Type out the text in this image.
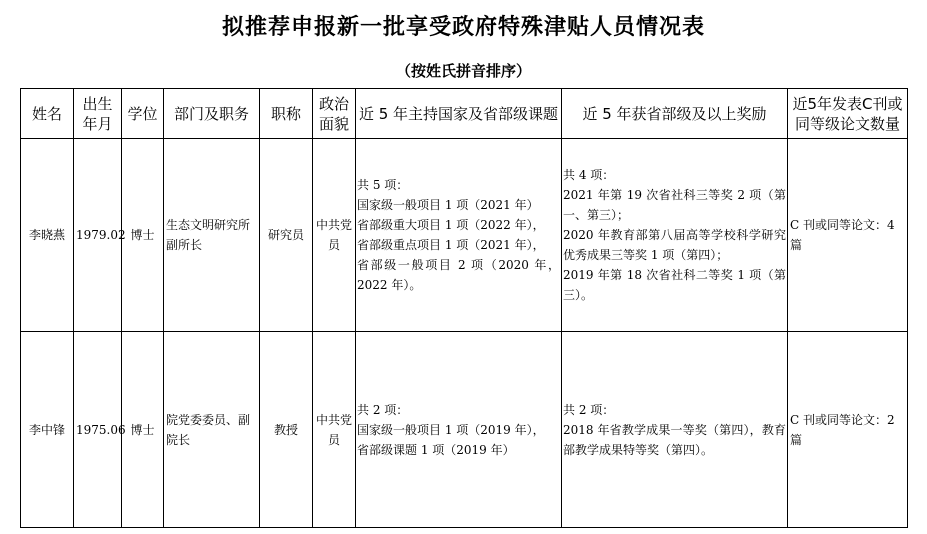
拟推荐申报新一批享受政府特殊津贴人员情况表
（按姓氏拼音排序）
姓名	出生年月	学位	部门及职务	职称	政治面貌	近 5 年主持国家及省部级课题	近 5 年获省部级及以上奖励	近5年发表C刊或同等级论文数量
李晓燕	1979.02	博士	生态文明研究所副所长	研究员	中共党员	共 5 项：
国家级一般项目 1 项（2021 年）
省部级重大项目 1 项（2022 年），
省部级重点项目 1 项（2021 年），
省部级一般项目 2 项（2020 年，2022 年）。	共 4 项：
2021 年第 19 次省社科三等奖 2 项（第一、第三）；
2020 年教育部第八届高等学校科学研究优秀成果三等奖 1 项（第四）；
2019 年第 18 次省社科二等奖 1 项（第三）。	C 刊或同等论文：4 篇
李中锋	1975.06	博士	院党委委员、副院长	教授	中共党员	共 2 项：
国家级一般项目 1 项（2019 年），
省部级课题 1 项（2019 年）	共 2 项：
2018 年省教学成果一等奖（第四），教育部教学成果特等奖（第四）。	C 刊或同等论文：2 篇
